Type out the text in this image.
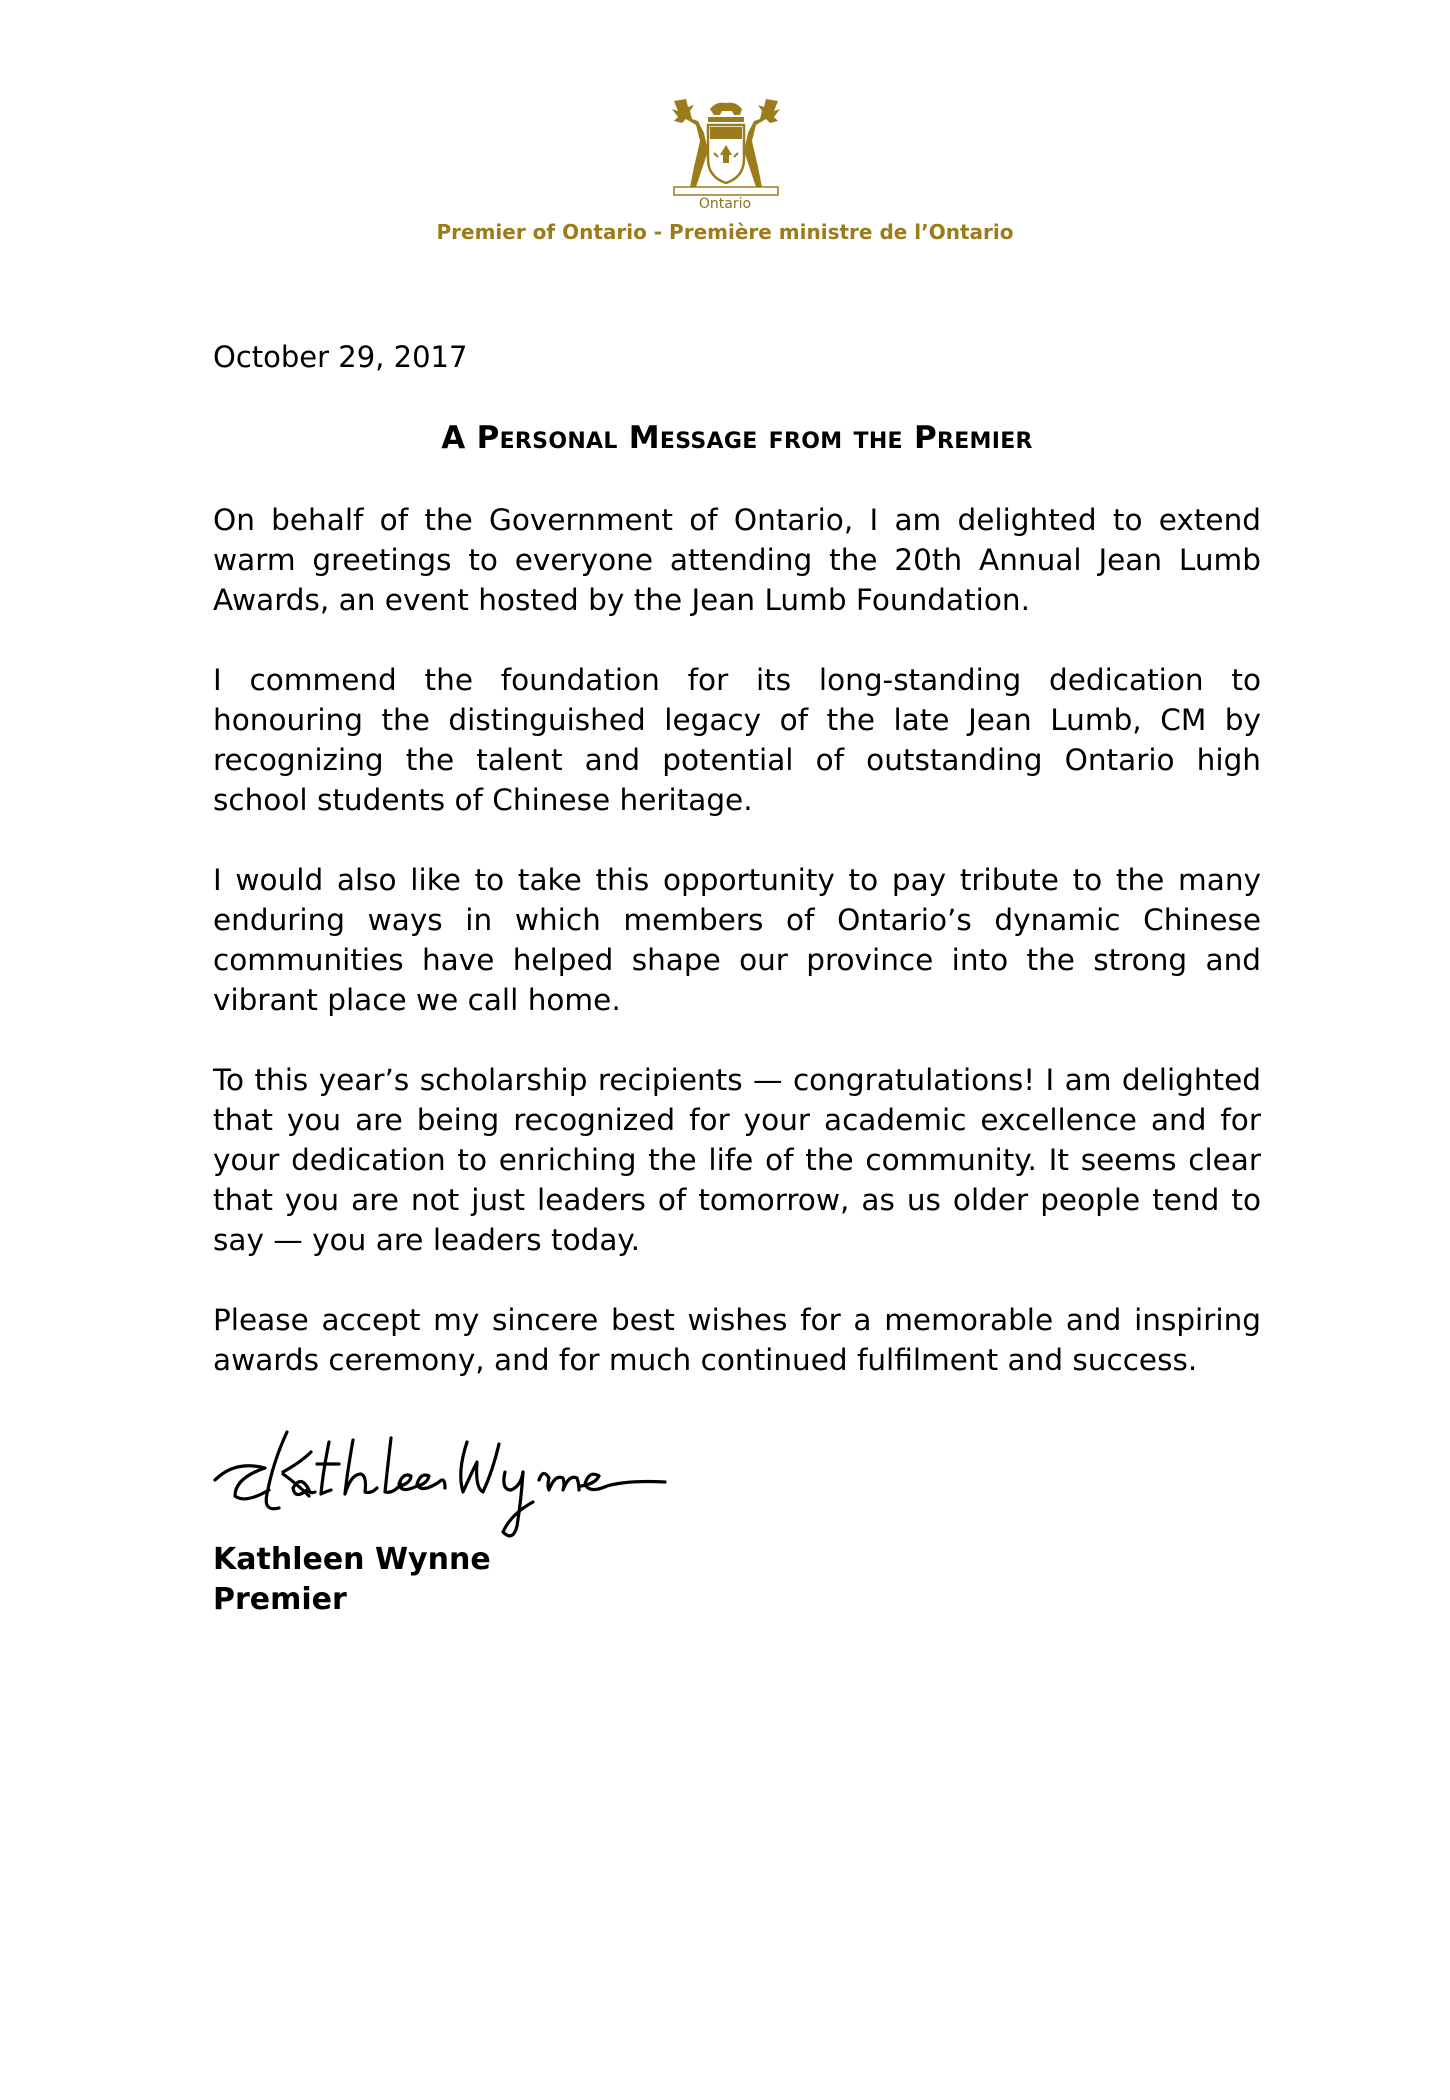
Ontario
Premier of Ontario - Première ministre de l’Ontario
October 29, 2017
A Personal Message from the Premier

On behalf of the Government of Ontario, I am delighted to extend warm greetings to everyone attending the 20th Annual Jean Lumb Awards, an event hosted by the Jean Lumb Foundation.

I commend the foundation for its long-standing dedication to honouring the distinguished legacy of the late Jean Lumb, CM by recognizing the talent and potential of outstanding Ontario high school students of Chinese heritage.

I would also like to take this opportunity to pay tribute to the many enduring ways in which members of Ontario’s dynamic Chinese communities have helped shape our province into the strong and vibrant place we call home.

To this year’s scholarship recipients — congratulations! I am delighted that you are being recognized for your academic excellence and for your dedication to enriching the life of the community. It seems clear that you are not just leaders of tomorrow, as us older people tend to say — you are leaders today.

Please accept my sincere best wishes for a memorable and inspiring awards ceremony, and for much continued fulfilment and success.

Kathleen Wynne
Premier
